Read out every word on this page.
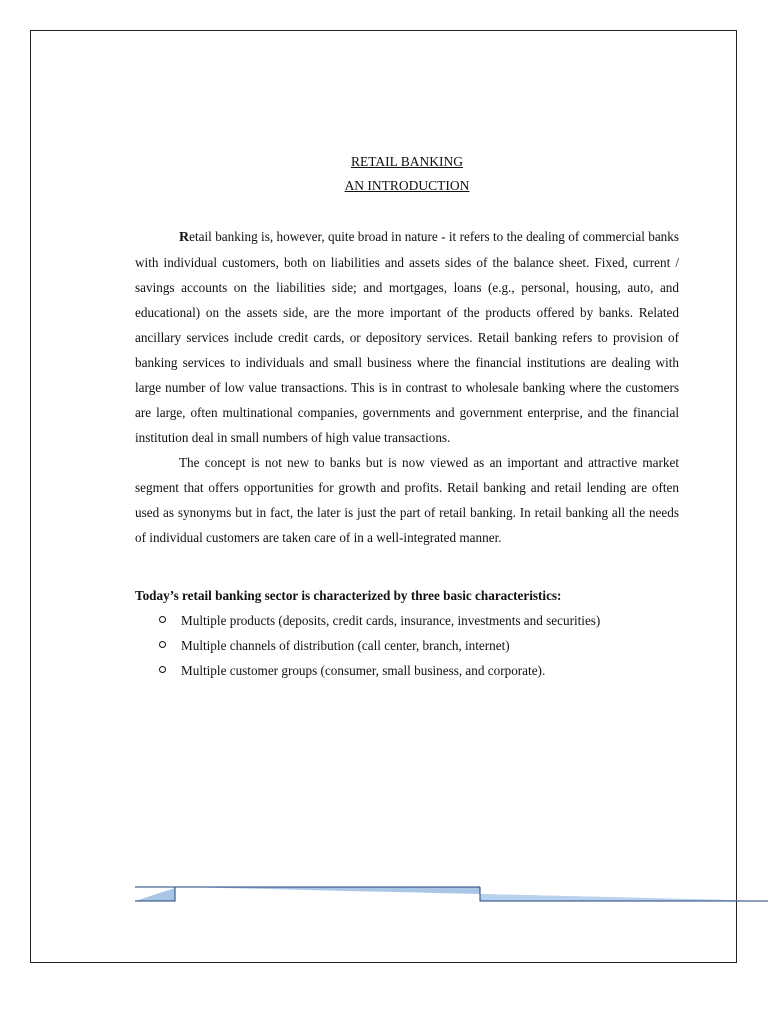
RETAIL BANKING
AN INTRODUCTION

Retail banking is, however, quite broad in nature - it refers to the dealing of commercial banks with individual customers, both on liabilities and assets sides of the balance sheet. Fixed, current / savings accounts on the liabilities side; and mortgages, loans (e.g., personal, housing, auto, and educational) on the assets side, are the more important of the products offered by banks. Related ancillary services include credit cards, or depository services. Retail banking refers to provision of banking services to individuals and small business where the financial institutions are dealing with large number of low value transactions. This is in contrast to wholesale banking where the customers are large, often multinational companies, governments and government enterprise, and the financial institution deal in small numbers of high value transactions.

The concept is not new to banks but is now viewed as an important and attractive market segment that offers opportunities for growth and profits. Retail banking and retail lending are often used as synonyms but in fact, the later is just the part of retail banking. In retail banking all the needs of individual customers are taken care of in a well-integrated manner.

Today’s retail banking sector is characterized by three basic characteristics:
Multiple products (deposits, credit cards, insurance, investments and securities)
Multiple channels of distribution (call center, branch, internet)
Multiple customer groups (consumer, small business, and corporate).
